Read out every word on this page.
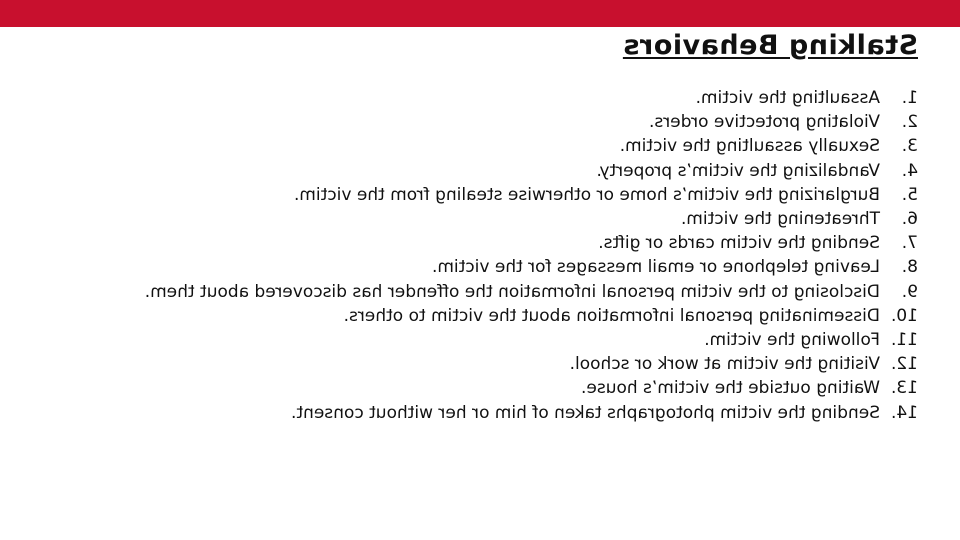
Stalking Behaviors
1.
Assaulting the victim.
2.
Violating protective orders.
3.
Sexually assaulting the victim.
4.
Vandalizing the victim’s property.
5.
Burglarizing the victim’s home or otherwise stealing from the victim.
6.
Threatening the victim.
7.
Sending the victim cards or gifts.
8.
Leaving telephone or email messages for the victim.
9.
Disclosing to the victim personal information the offender has discovered about them.
10.
Disseminating personal information about the victim to others.
11.
Following the victim.
12.
Visiting the victim at work or school.
13.
Waiting outside the victim’s house.
14.
Sending the victim photographs taken of him or her without consent.
